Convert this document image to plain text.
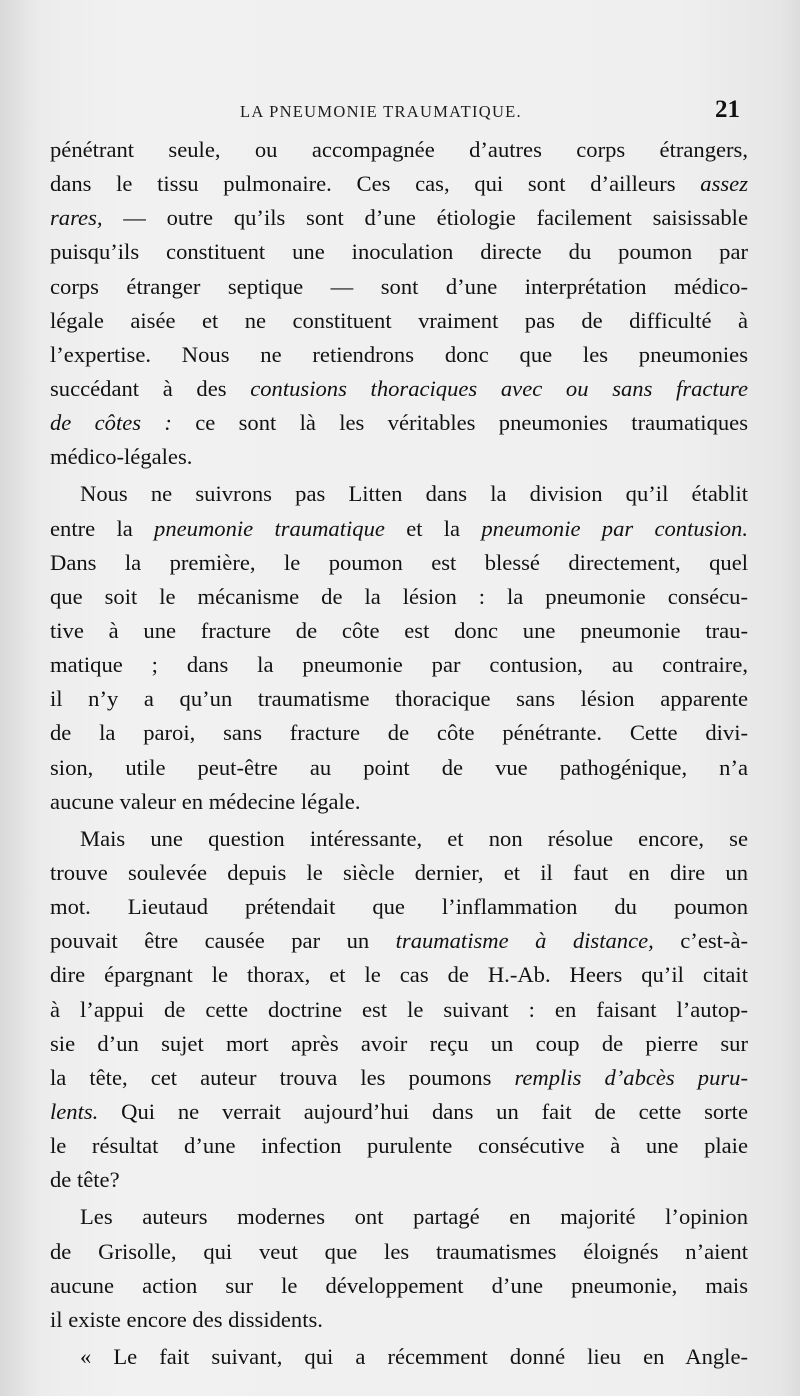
LA PNEUMONIE TRAUMATIQUE.	21
pénétrant seule, ou accompagnée d’autres corps étrangers,
dans le tissu pulmonaire. Ces cas, qui sont d’ailleurs assez
rares, — outre qu’ils sont d’une étiologie facilement saisissable
puisqu’ils constituent une inoculation directe du poumon par
corps étranger septique — sont d’une interprétation médico-
légale aisée et ne constituent vraiment pas de difficulté à
l’expertise. Nous ne retiendrons donc que les pneumonies
succédant à des contusions thoraciques avec ou sans fracture
de côtes : ce sont là les véritables pneumonies traumatiques
médico-légales.
Nous ne suivrons pas Litten dans la division qu’il établit
entre la pneumonie traumatique et la pneumonie par contusion.
Dans la première, le poumon est blessé directement, quel
que soit le mécanisme de la lésion : la pneumonie consécu-
tive à une fracture de côte est donc une pneumonie trau-
matique ; dans la pneumonie par contusion, au contraire,
il n’y a qu’un traumatisme thoracique sans lésion apparente
de la paroi, sans fracture de côte pénétrante. Cette divi-
sion, utile peut-être au point de vue pathogénique, n’a
aucune valeur en médecine légale.
Mais une question intéressante, et non résolue encore, se
trouve soulevée depuis le siècle dernier, et il faut en dire un
mot. Lieutaud prétendait que l’inflammation du poumon
pouvait être causée par un traumatisme à distance, c’est-à-
dire épargnant le thorax, et le cas de H.-Ab. Heers qu’il citait
à l’appui de cette doctrine est le suivant : en faisant l’autop-
sie d’un sujet mort après avoir reçu un coup de pierre sur
la tête, cet auteur trouva les poumons remplis d’abcès puru-
lents. Qui ne verrait aujourd’hui dans un fait de cette sorte
le résultat d’une infection purulente consécutive à une plaie
de tête?
Les auteurs modernes ont partagé en majorité l’opinion
de Grisolle, qui veut que les traumatismes éloignés n’aient
aucune action sur le développement d’une pneumonie, mais
il existe encore des dissidents.
« Le fait suivant, qui a récemment donné lieu en Angle-
